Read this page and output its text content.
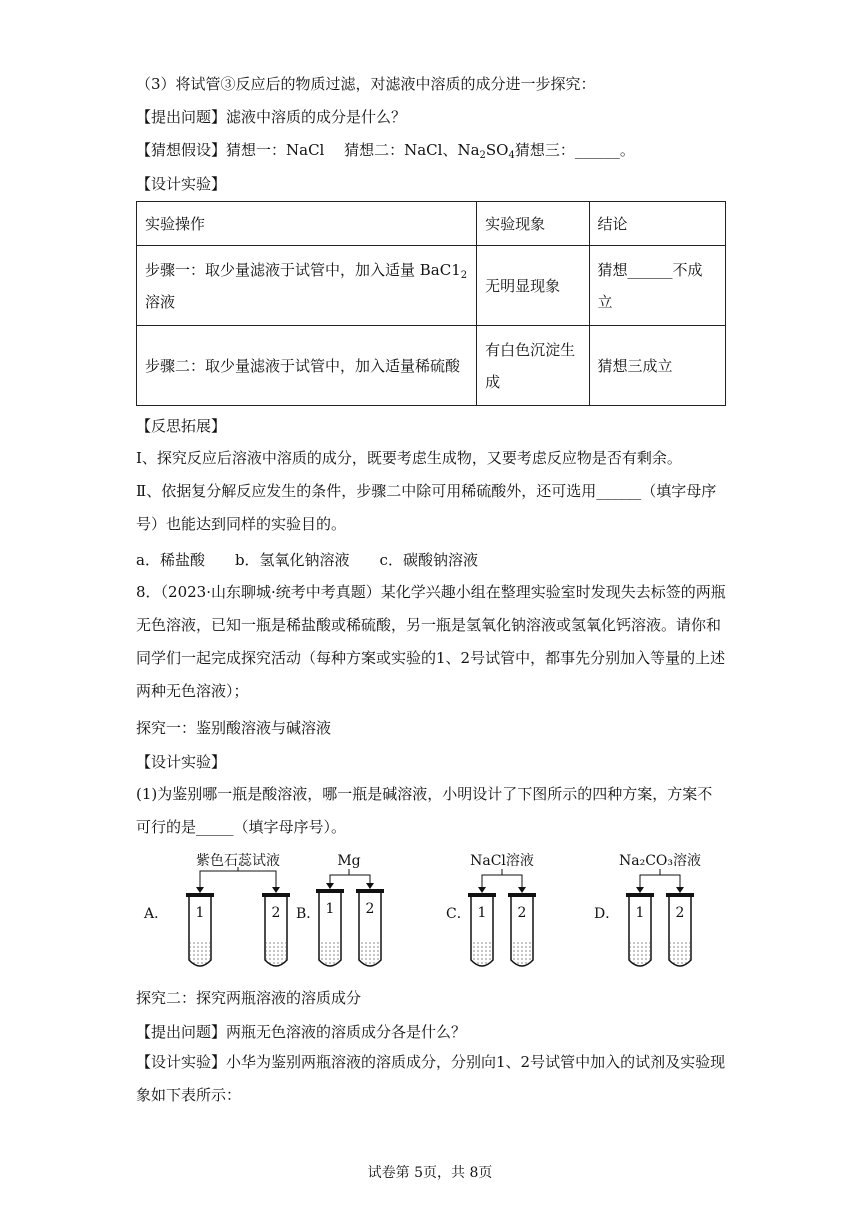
（3）将试管③反应后的物质过滤，对滤液中溶质的成分进一步探究：
【提出问题】滤液中溶质的成分是什么？
【猜想假设】猜想一：NaCl　 猜想二：NaCl、$Na_2SO_4$猜想三：______。
【设计实验】
实验操作	实验现象	结论
步骤一：取少量滤液于试管中，加入适量 $BaC1_2$
溶液	无明显现象	猜想______不成立
步骤二：取少量滤液于试管中，加入适量稀硫酸	有白色沉淀生成	猜想三成立
【反思拓展】
I、探究反应后溶液中溶质的成分，既要考虑生成物，又要考虑反应物是否有剩余。
Ⅱ、依据复分解反应发生的条件，步骤二中除可用稀硫酸外，还可选用______（填字母序号）也能达到同样的实验目的。
a．稀盐酸　　b．氢氧化钠溶液　　c．碳酸钠溶液
8．（2023·山东聊城·统考中考真题）某化学兴趣小组在整理实验室时发现失去标签的两瓶无色溶液，已知一瓶是稀盐酸或稀硫酸，另一瓶是氢氧化钠溶液或氢氧化钙溶液。请你和同学们一起完成探究活动（每种方案或实验的1、2号试管中，都事先分别加入等量的上述两种无色溶液）；
探究一：鉴别酸溶液与碱溶液
【设计实验】
(1)为鉴别哪一瓶是酸溶液，哪一瓶是碱溶液，小明设计了下图所示的四种方案，方案不可行的是_____（填字母序号）。
A．
紫色石蕊试液
1	2 B．
Mg
1 2	C．
NaCl溶液
1 2	D．
Na₂CO₃溶液
1 2
探究二：探究两瓶溶液的溶质成分
【提出问题】两瓶无色溶液的溶质成分各是什么？
【设计实验】小华为鉴别两瓶溶液的溶质成分，分别向1、2号试管中加入的试剂及实验现象如下表所示：
试卷第 5页，共 8页
